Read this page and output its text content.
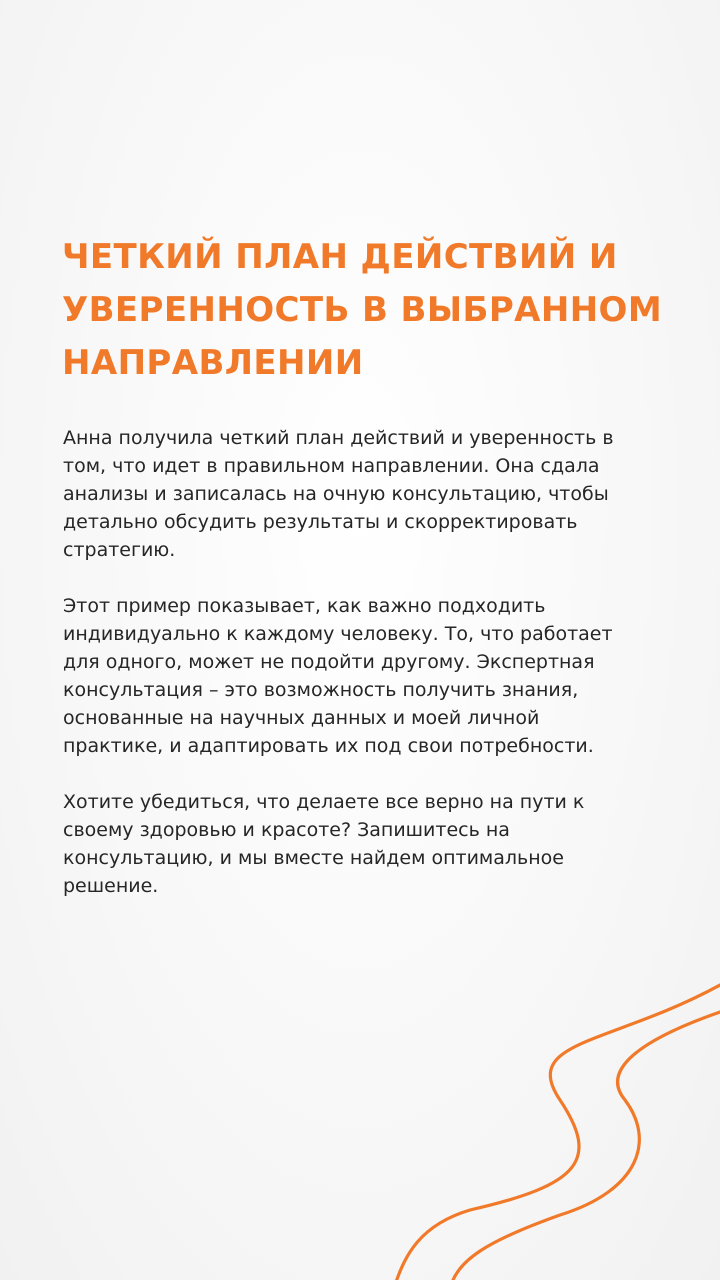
ЧЕТКИЙ ПЛАН ДЕЙСТВИЙ И
УВЕРЕННОСТЬ В ВЫБРАННОМ
НАПРАВЛЕНИИ

Анна получила четкий план действий и уверенность в
том, что идет в правильном направлении. Она сдала
анализы и записалась на очную консультацию, чтобы
детально обсудить результаты и скорректировать
стратегию.

Этот пример показывает, как важно подходить
индивидуально к каждому человеку. То, что работает
для одного, может не подойти другому. Экспертная
консультация – это возможность получить знания,
основанные на научных данных и моей личной
практике, и адаптировать их под свои потребности.

Хотите убедиться, что делаете все верно на пути к
своему здоровью и красоте? Запишитесь на
консультацию, и мы вместе найдем оптимальное
решение.
